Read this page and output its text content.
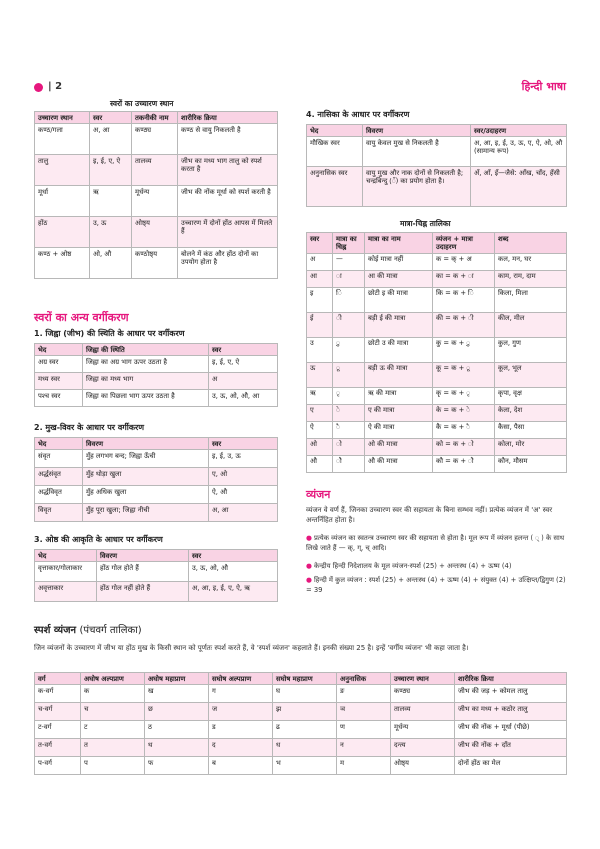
| 2	हिन्दी भाषा
स्वरों का उच्चारण स्थान
उच्चारण स्थान	स्वर	तकनीकी नाम	शारीरिक क्रिया
कण्ठ/गला	अ, आ	कण्ठ्य	कण्ठ से वायु निकलती है
तालु	इ, ई, ए, ऐ	तालव्य	जीभ का मध्य भाग तालु को स्पर्श करता है
मूर्धा	ऋ	मूर्धन्य	जीभ की नोंक मूर्धा को स्पर्श करती है
होंठ	उ, ऊ	ओष्ठ्य	उच्चारण में दोनों होंठ आपस में मिलते हैं
कण्ठ + ओष्ठ	ओ, औ	कण्ठोष्ठ्य	बोलने में कंठ और होंठ दोनों का उपयोग होता है
स्वरों का अन्य वर्गीकरण
1. जिह्वा (जीभ) की स्थिति के आधार पर वर्गीकरण
भेद	जिह्वा की स्थिति	स्वर
अग्र स्वर	जिह्वा का अग्र भाग ऊपर उठता है	इ, ई, ए, ऐ
मध्य स्वर	जिह्वा का मध्य भाग	अ
पश्च स्वर	जिह्वा का पिछला भाग ऊपर उठता है	उ, ऊ, ओ, औ, आ
2. मुख-विवर के आधार पर वर्गीकरण
भेद	विवरण	स्वर
संवृत	मुँह लगभग बन्द; जिह्वा ऊँची	इ, ई, उ, ऊ
अर्द्धसंवृत	मुँह थोड़ा खुला	ए, ओ
अर्द्धविवृत	मुँह अधिक खुला	ऐ, औ
विवृत	मुँह पूरा खुला; जिह्वा नीची	अ, आ
3. ओष्ठ की आकृति के आधार पर वर्गीकरण
भेद	विवरण	स्वर
वृत्ताकार/गोलाकार	होंठ गोल होते हैं	उ, ऊ, ओ, औ
अवृत्ताकार	होंठ गोल नहीं होते हैं	अ, आ, इ, ई, ए, ऐ, ऋ
4. नासिका के आधार पर वर्गीकरण
भेद	विवरण	स्वर/उदाहरण
मौखिक स्वर	वायु केवल मुख से निकलती है	अ, आ, इ, ई, उ, ऊ, ए, ऐ, ओ, औ (सामान्य रूप)
अनुनासिक स्वर	वायु मुख और नाक दोनों से निकलती है; चन्द्रबिन्दु (ँ) का प्रयोग होता है।	अँ, आँ, इँ—जैसे: आँख, चाँद, हँसी
मात्रा-चिह्न तालिका
स्वर	मात्रा का चिह्न	मात्रा का नाम	व्यंजन + मात्रा उदाहरण	शब्द
अ	—	कोई मात्रा नहीं	क = क् + अ	कल, मन, घर
आ	ा	आ की मात्रा	का = क + ा	काम, राम, दाम
इ	ि	छोटी इ की मात्रा	कि = क + ि	किला, मिला
ई	ी	बड़ी ई की मात्रा	की = क + ी	कील, मील
उ	ु	छोटी उ की मात्रा	कु = क + ु	कुल, गुण
ऊ	ू	बड़ी ऊ की मात्रा	कू = क + ू	कूल, भूल
ऋ	ृ	ऋ की मात्रा	कृ = क + ृ	कृपा, वृक्ष
ए	े	ए की मात्रा	के = क + े	केला, देश
ऐ	ै	ऐ की मात्रा	कै = क + ै	कैसा, पैसा
ओ	ो	ओ की मात्रा	को = क + ो	कोला, मोर
औ	ौ	औ की मात्रा	कौ = क + ौ	कौन, मौसम
व्यंजन
व्यंजन वे वर्ण हैं, जिनका उच्चारण स्वर की सहायता के बिना सम्भव नहीं। प्रत्येक व्यंजन में 'अ' स्वर अन्तर्निहित होता है।
● प्रत्येक व्यंजन का स्वतन्त्र उच्चारण स्वर की सहायता से होता है। मूल रूप में व्यंजन हलन्त ( ् ) के साथ लिखे जाते हैं — क्, ग्, च् आदि।
● केन्द्रीय हिन्दी निदेशालय के मूल व्यंजन-स्पर्श (25) + अन्तःस्थ (4) + ऊष्म (4)
● हिन्दी में कुल व्यंजन : स्पर्श (25) + अन्तःस्थ (4) + ऊष्म (4) + संयुक्त (4) + उत्क्षिप्त/द्विगुण (2) = 39
स्पर्श व्यंजन (पंचवर्ग तालिका)
जिन व्यंजनों के उच्चारण में जीभ या होंठ मुख के किसी स्थान को पूर्णतः स्पर्श करते हैं, वे 'स्पर्श व्यंजन' कहलाते हैं। इनकी संख्या 25 है। इन्हें 'वर्गीय व्यंजन' भी कहा जाता है।
वर्ग	अघोष अल्पप्राण	अघोष महाप्राण	सघोष अल्पप्राण	सघोष महाप्राण	अनुनासिक	उच्चारण स्थान	शारीरिक क्रिया
क-वर्ग	क	ख	ग	घ	ङ	कण्ठ्य	जीभ की जड़ + कोमल तालु
च-वर्ग	च	छ	ज	झ	ञ	तालव्य	जीभ का मध्य + कठोर तालु
ट-वर्ग	ट	ठ	ड	ढ	ण	मूर्धन्य	जीभ की नोंक + मूर्धा (पीछे)
त-वर्ग	त	थ	द	ध	न	दन्त्य	जीभ की नोंक + दाँत
प-वर्ग	प	फ	ब	भ	म	ओष्ठ्य	दोनों होंठ का मेल
